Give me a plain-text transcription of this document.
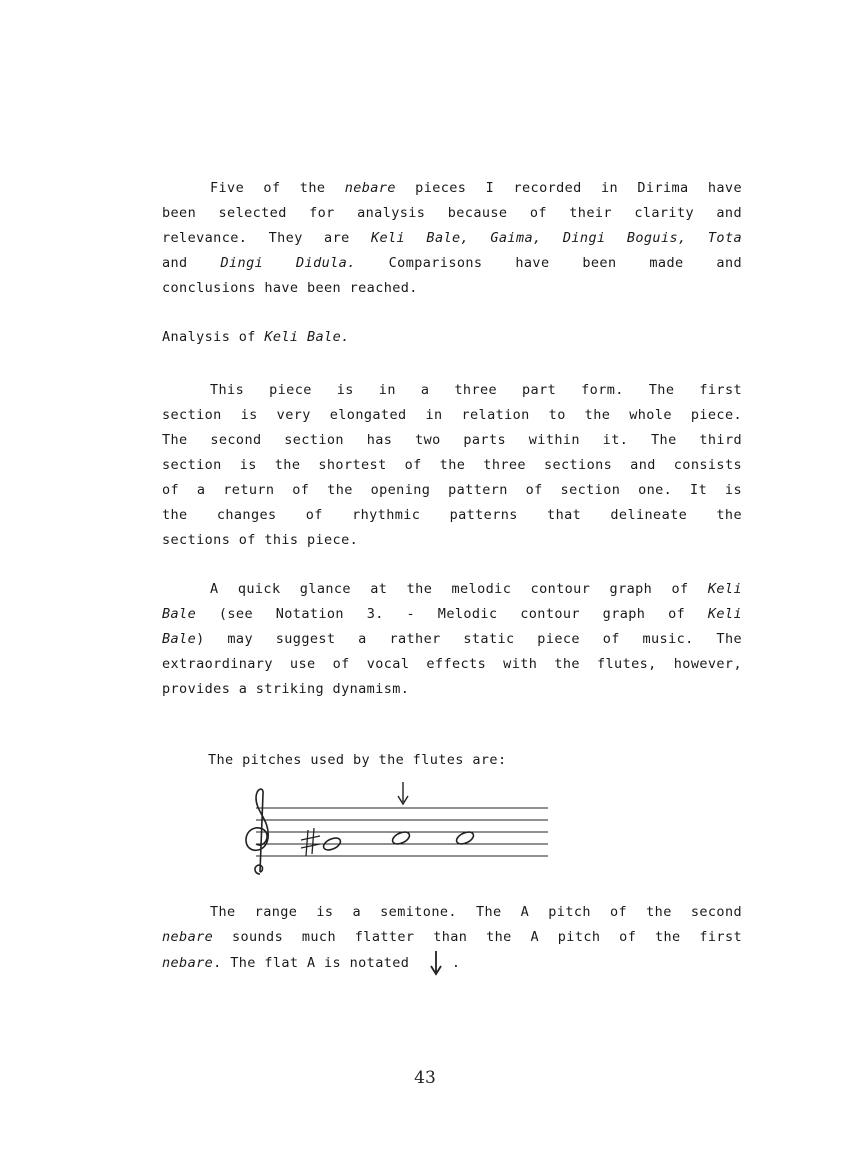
Five of the nebare pieces I recorded in Dirima have
been selected for analysis because of their clarity and
relevance. They are Keli Bale, Gaima, Dingi Boguis, Tota
and Dingi Didula. Comparisons have been made and
conclusions have been reached.
Analysis of Keli Bale.
This piece is in a three part form. The first
section is very elongated in relation to the whole piece.
The second section has two parts within it. The third
section is the shortest of the three sections and consists
of a return of the opening pattern of section one. It is
the changes of rhythmic patterns that delineate the
sections of this piece.
A quick glance at the melodic contour graph of Keli
Bale (see Notation 3. - Melodic contour graph of Keli
Bale) may suggest a rather static piece of music. The
extraordinary use of vocal effects with the flutes, however,
provides a striking dynamism.
The pitches used by the flutes are:
The range is a semitone. The A pitch of the second
nebare sounds much flatter than the A pitch of the first
nebare. The flat A is notated	.
43
